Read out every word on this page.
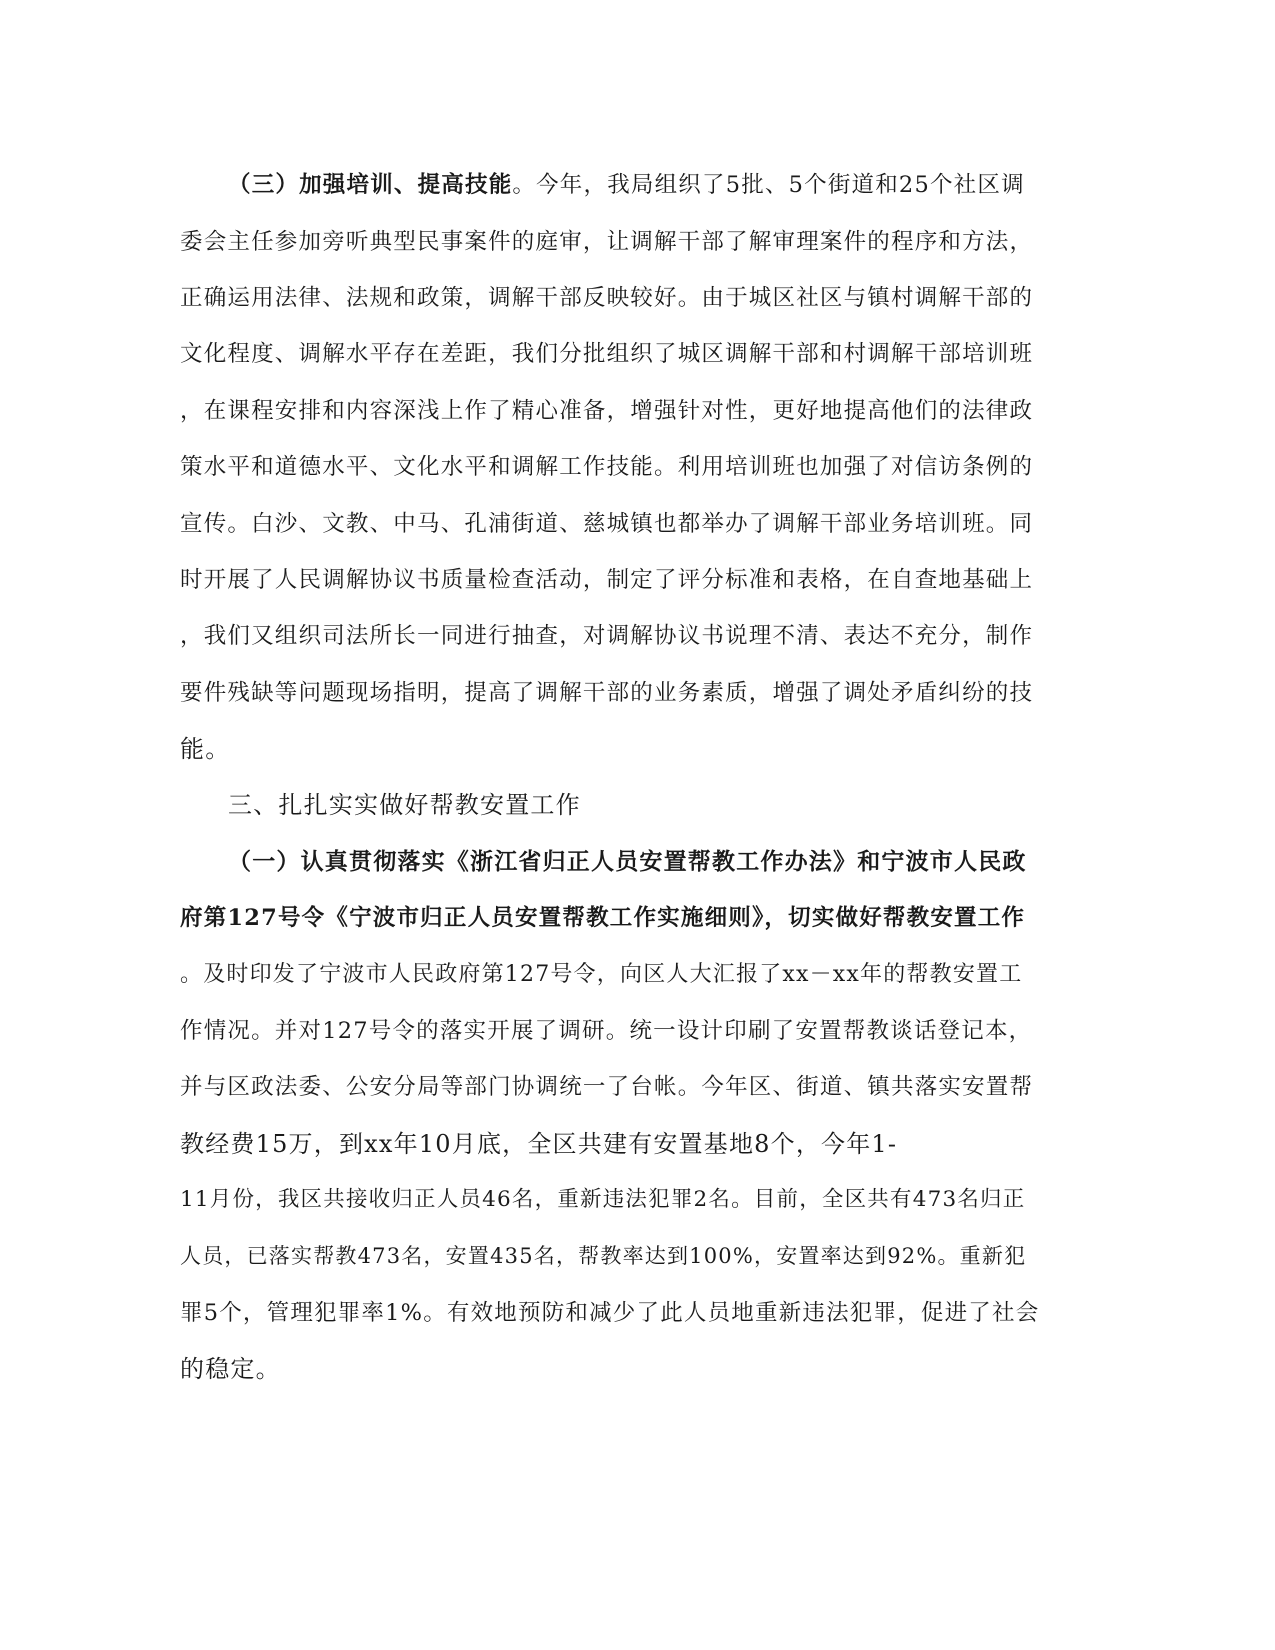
（三）加强培训、提高技能。今年，我局组织了5批、5个街道和25个社区调
委会主任参加旁听典型民事案件的庭审，让调解干部了解审理案件的程序和方法，
正确运用法律、法规和政策，调解干部反映较好。由于城区社区与镇村调解干部的
文化程度、调解水平存在差距，我们分批组织了城区调解干部和村调解干部培训班
，在课程安排和内容深浅上作了精心准备，增强针对性，更好地提高他们的法律政
策水平和道德水平、文化水平和调解工作技能。利用培训班也加强了对信访条例的
宣传。白沙、文教、中马、孔浦街道、慈城镇也都举办了调解干部业务培训班。同
时开展了人民调解协议书质量检查活动，制定了评分标准和表格，在自查地基础上
，我们又组织司法所长一同进行抽查，对调解协议书说理不清、表达不充分，制作
要件残缺等问题现场指明，提高了调解干部的业务素质，增强了调处矛盾纠纷的技
能。
三、扎扎实实做好帮教安置工作
（一）认真贯彻落实《浙江省归正人员安置帮教工作办法》和宁波市人民政
府第127号令《宁波市归正人员安置帮教工作实施细则》，切实做好帮教安置工作
。及时印发了宁波市人民政府第127号令，向区人大汇报了xx－xx年的帮教安置工
作情况。并对127号令的落实开展了调研。统一设计印刷了安置帮教谈话登记本，
并与区政法委、公安分局等部门协调统一了台帐。今年区、街道、镇共落实安置帮
教经费15万，到xx年10月底，全区共建有安置基地8个，今年1-
11月份，我区共接收归正人员46名，重新违法犯罪2名。目前，全区共有473名归正
人员，已落实帮教473名，安置435名，帮教率达到100%，安置率达到92%。重新犯
罪5个，管理犯罪率1%。有效地预防和减少了此人员地重新违法犯罪，促进了社会
的稳定。
